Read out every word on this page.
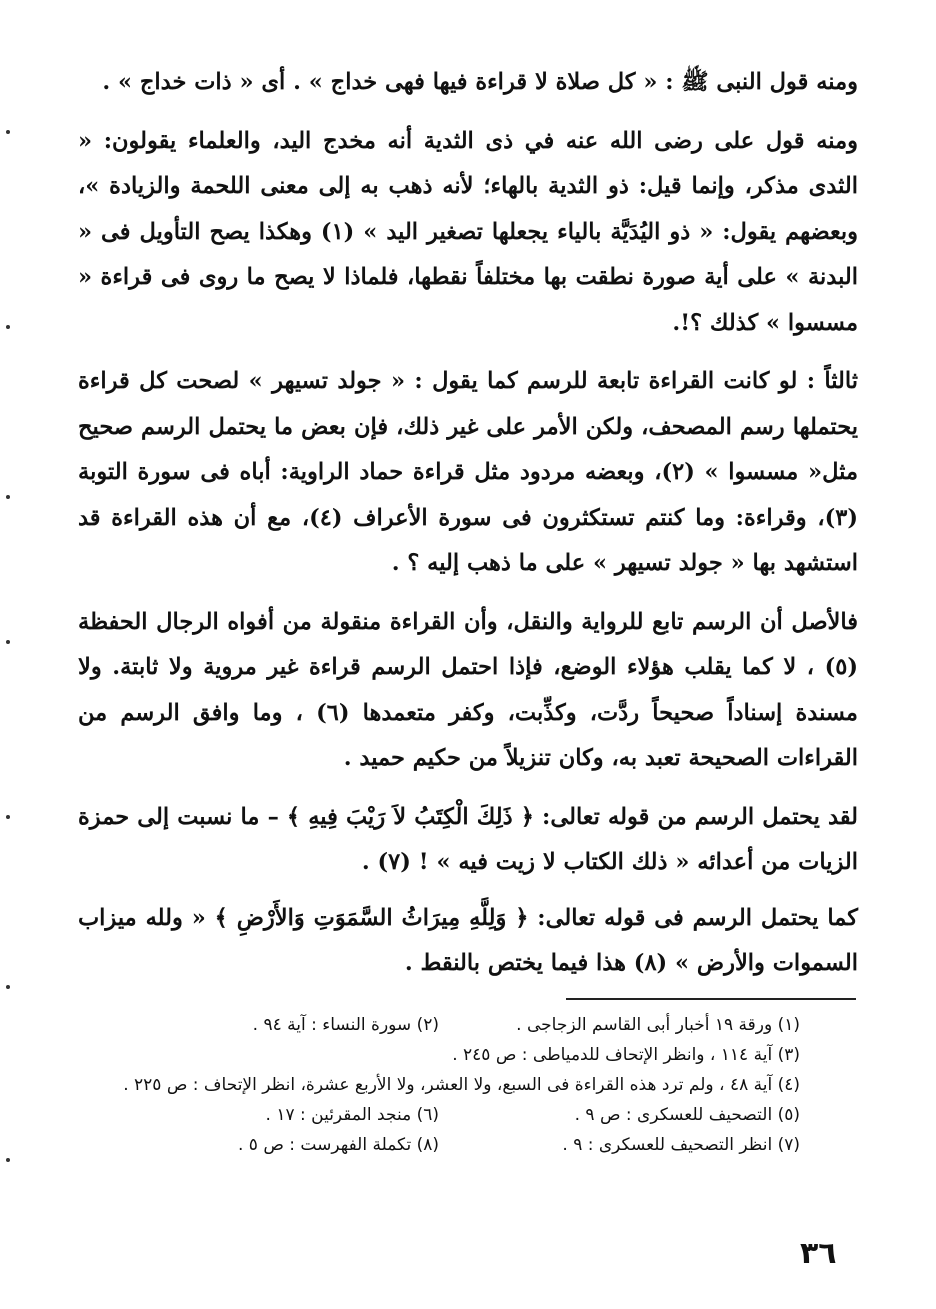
ومنه قول النبى ﷺ : « كل صلاة لا قراءة فيها فهى خداج » . أى « ذات خداج » .

ومنه قول على رضى الله عنه في ذى الثدية أنه مخدج اليد، والعلماء يقولون: « الثدى مذكر، وإنما قيل: ذو الثدية بالهاء؛ لأنه ذهب به إلى معنى اللحمة والزيادة »، وبعضهم يقول: « ذو اليُدَيَّة بالياء يجعلها تصغير اليد » (١) وهكذا يصح التأويل فى « البدنة » على أية صورة نطقت بها مختلفاً نقطها، فلماذا لا يصح ما روى فى قراءة « مسسوا » كذلك ؟!.

ثالثاً : لو كانت القراءة تابعة للرسم كما يقول : « جولد تسيهر » لصحت كل قراءة يحتملها رسم المصحف، ولكن الأمر على غير ذلك، فإن بعض ما يحتمل الرسم صحيح مثل« مسسوا » (٢)، وبعضه مردود مثل قراءة حماد الراوية: أباه فى سورة التوبة (٣)، وقراءة: وما كنتم تستكثرون فى سورة الأعراف (٤)، مع أن هذه القراءة قد استشهد بها « جولد تسيهر » على ما ذهب إليه ؟ .

فالأصل أن الرسم تابع للرواية والنقل، وأن القراءة منقولة من أفواه الرجال الحفظة (٥) ، لا كما يقلب هؤلاء الوضع، فإذا احتمل الرسم قراءة غير مروية ولا ثابتة. ولا مسندة إسناداً صحيحاً ردَّت، وكذِّبت، وكفر متعمدها (٦) ، وما وافق الرسم من القراءات الصحيحة تعبد به، وكان تنزيلاً من حكيم حميد .

لقد يحتمل الرسم من قوله تعالى: ﴿ ذَلِكَ الْكِتَبُ لاَ رَيْبَ فِيهِ ﴾ – ما نسبت إلى حمزة الزيات من أعدائه « ذلك الكتاب لا زيت فيه » ! (٧) .

كما يحتمل الرسم فى قوله تعالى: ﴿ وَلِلَّهِ مِيرَاثُ السَّمَوَتِ وَالأَرْضِ ﴾ « ولله ميزاب السموات والأرض » (٨) هذا فيما يختص بالنقط .

(١) ورقة ١٩ أخبار أبى القاسم الزجاجى .
(٢) سورة النساء : آية ٩٤ .
(٣) آية ١١٤ ، وانظر الإتحاف للدمياطى : ص ٢٤٥ .
(٤) آية ٤٨ ، ولم ترد هذه القراءة فى السبع، ولا العشر، ولا الأربع عشرة، انظر الإتحاف : ص ٢٢٥ .
(٥) التصحيف للعسكرى : ص ٩ .
(٦) منجد المقرئين : ١٧ .
(٧) انظر التصحيف للعسكرى : ٩ .
(٨) تكملة الفهرست : ص ٥ .
٣٦
